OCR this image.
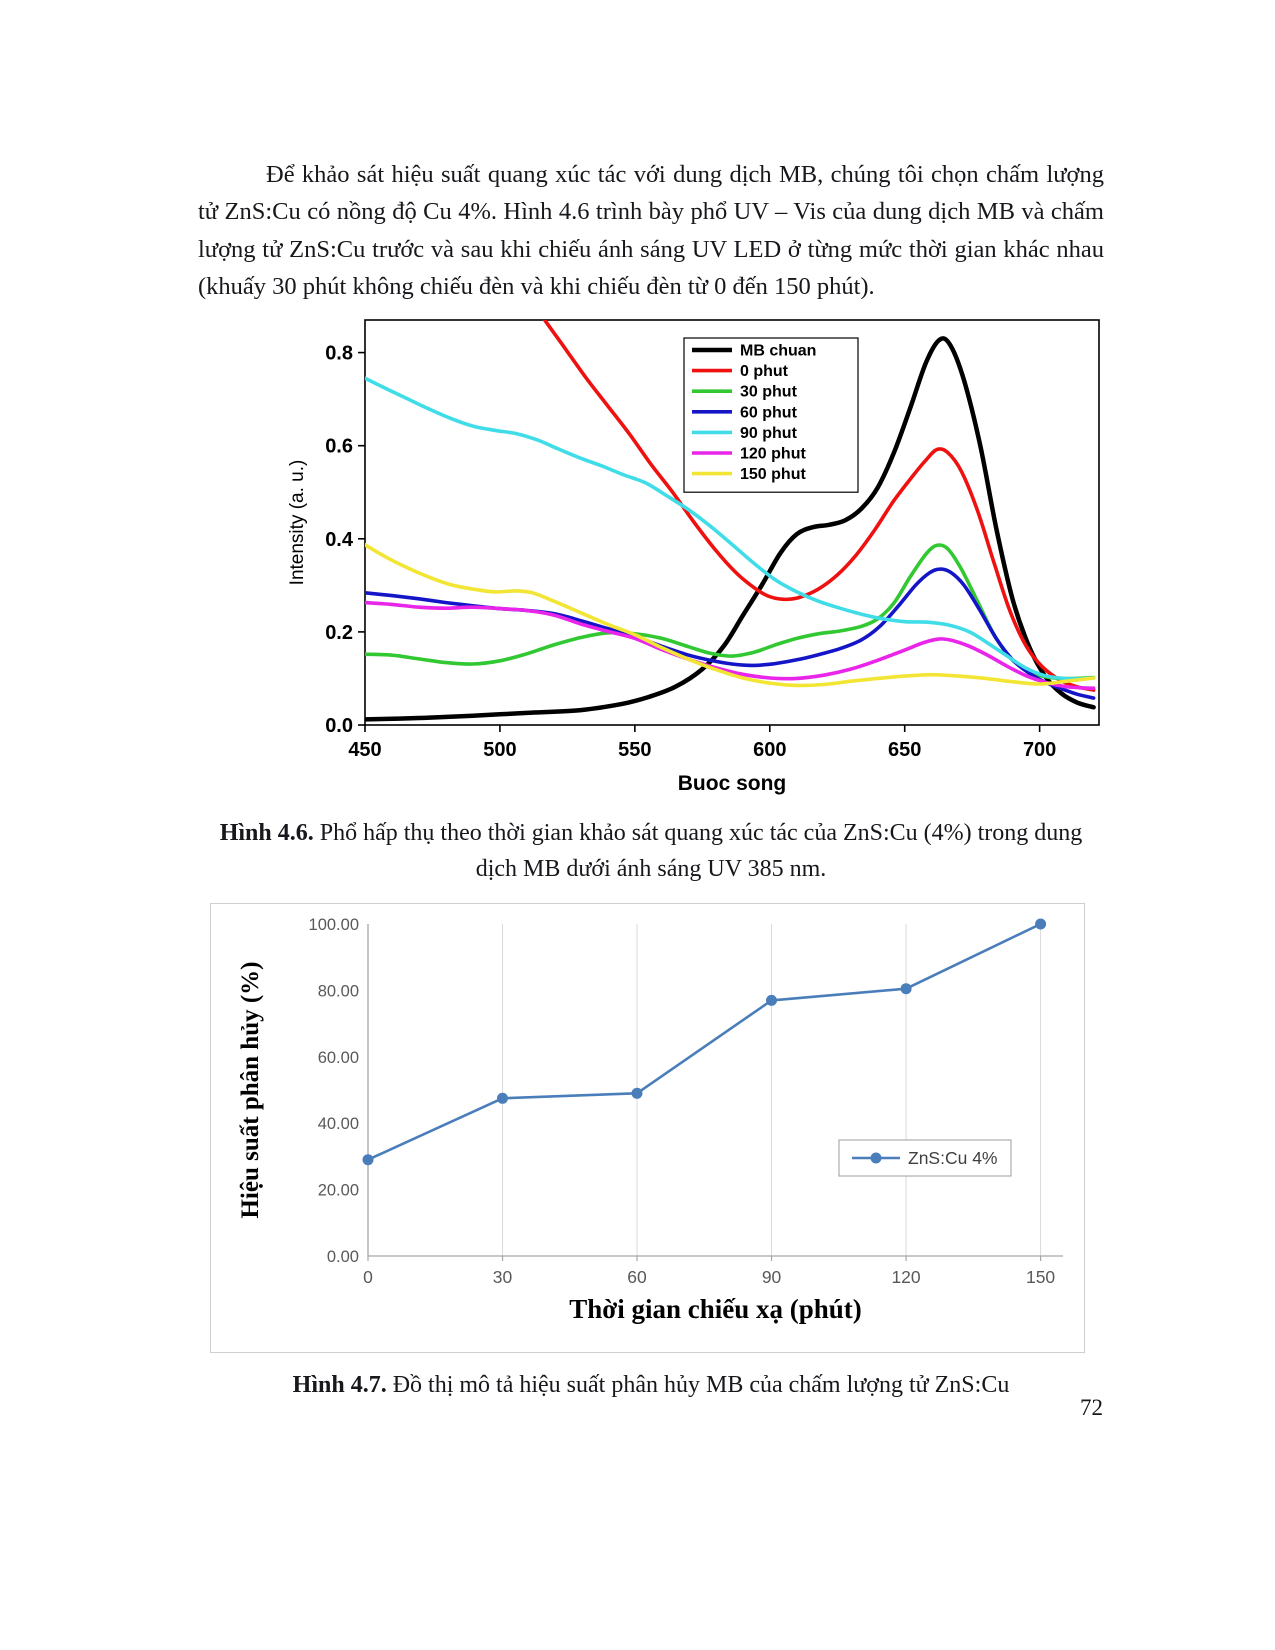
Để khảo sát hiệu suất quang xúc tác với dung dịch MB, chúng tôi chọn chấm lượng tử ZnS:Cu có nồng độ Cu 4%. Hình 4.6 trình bày phổ UV – Vis của dung dịch MB và chấm lượng tử ZnS:Cu trước và sau khi chiếu ánh sáng UV LED ở từng mức thời gian khác nhau (khuấy 30 phút không chiếu đèn và khi chiếu đèn từ 0 đến 150 phút).

450	500	550	600	650	700
0.0
0.2
0.4
0.6
0.8
Buoc song
Intensity (a. u.)
MB chuan
0 phut
30 phut
60 phut
90 phut
120 phut
150 phut

Hình 4.6. Phổ hấp thụ theo thời gian khảo sát quang xúc tác của ZnS:Cu (4%) trong dung dịch MB dưới ánh sáng UV 385 nm.

0	30	60	90	120	150
0.00
20.00
40.00
60.00
80.00
100.00
ZnS:Cu 4%
Hiệu suất phân hủy (%)
Thời gian chiếu xạ (phút)

Hình 4.7. Đồ thị mô tả hiệu suất phân hủy MB của chấm lượng tử ZnS:Cu

72
